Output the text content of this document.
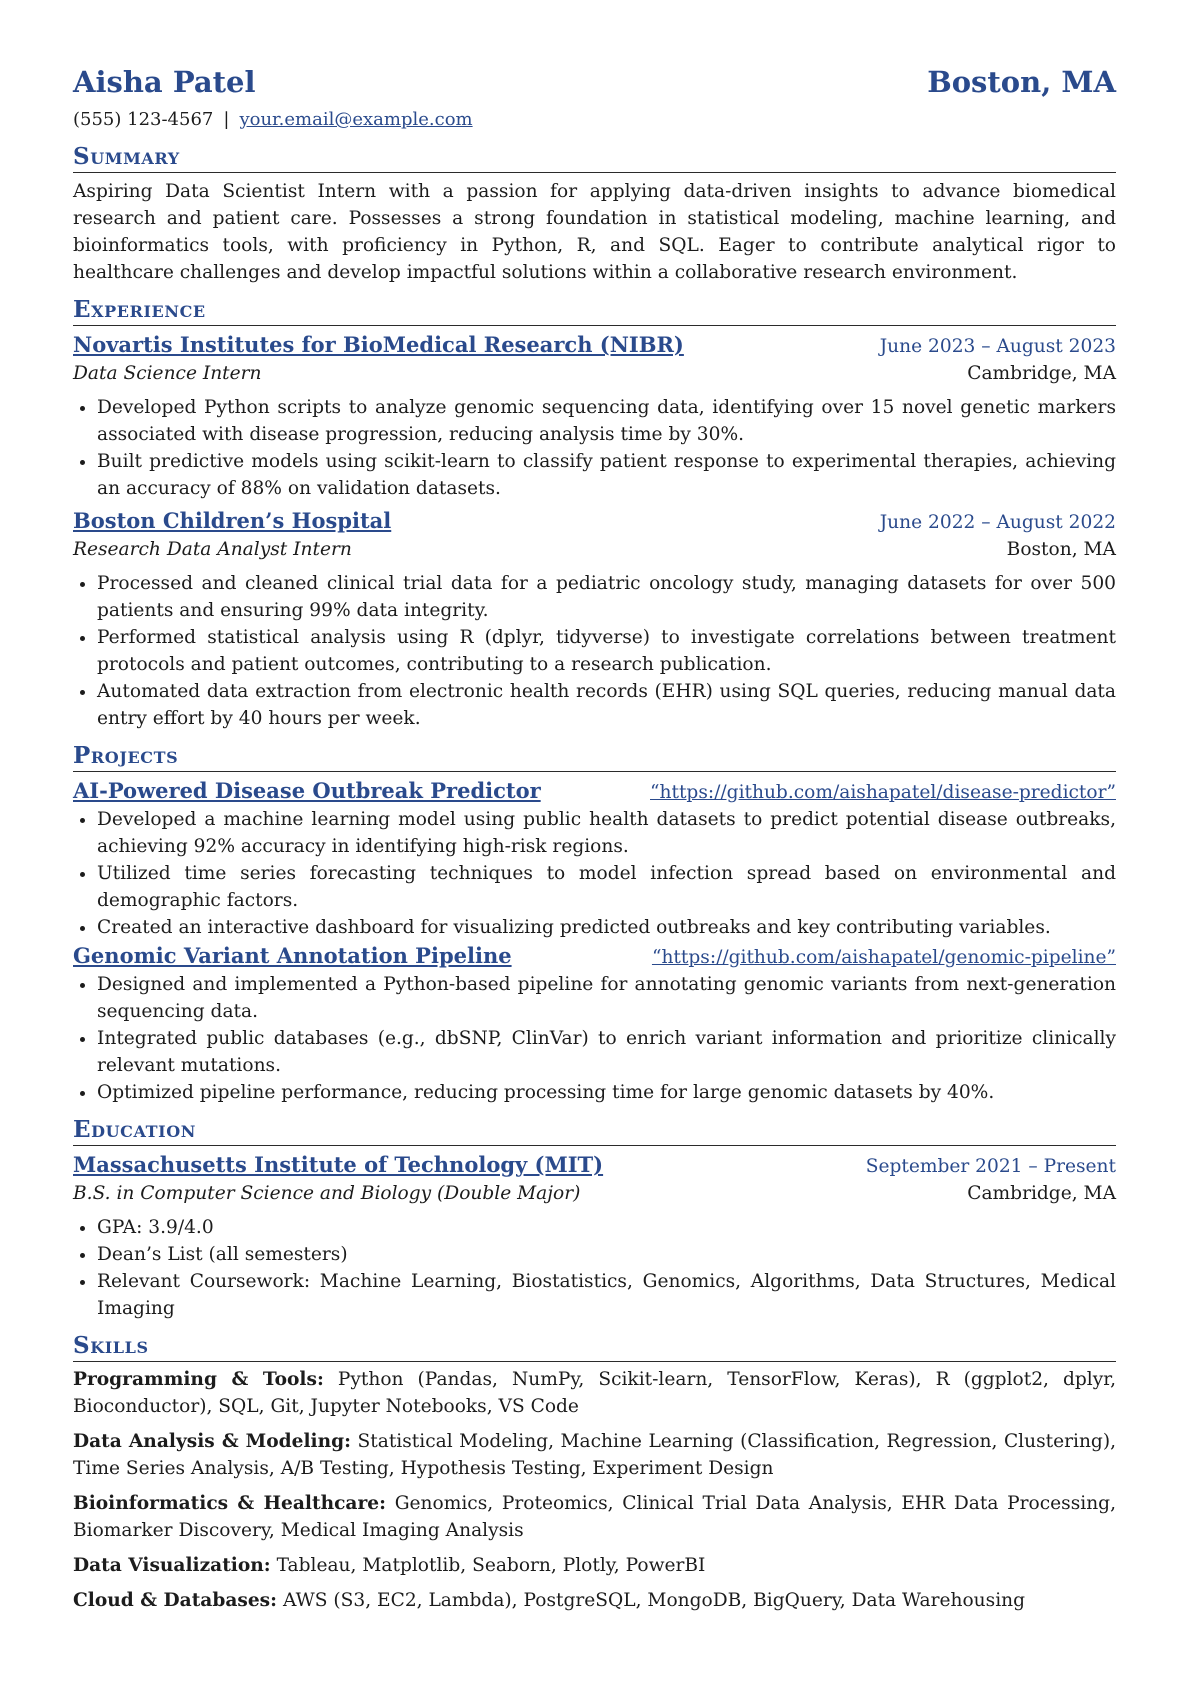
Aisha Patel	Boston, MA
(555) 123-4567 | your.email@example.com
Summary
Aspiring Data Scientist Intern with a passion for applying data-driven insights to advance biomedical research and patient care. Possesses a strong foundation in statistical modeling, machine learning, and bioinformatics tools, with proficiency in Python, R, and SQL. Eager to contribute analytical rigor to healthcare challenges and develop impactful solutions within a collaborative research environment.
Experience
Novartis Institutes for BioMedical Research (NIBR)	June 2023 – August 2023
Data Science Intern	Cambridge, MA
• Developed Python scripts to analyze genomic sequencing data, identifying over 15 novel genetic markers associated with disease progression, reducing analysis time by 30%.
• Built predictive models using scikit-learn to classify patient response to experimental therapies, achieving an accuracy of 88% on validation datasets.
Boston Children’s Hospital	June 2022 – August 2022
Research Data Analyst Intern	Boston, MA
• Processed and cleaned clinical trial data for a pediatric oncology study, managing datasets for over 500 patients and ensuring 99% data integrity.
• Performed statistical analysis using R (dplyr, tidyverse) to investigate correlations between treatment protocols and patient outcomes, contributing to a research publication.
• Automated data extraction from electronic health records (EHR) using SQL queries, reducing manual data entry effort by 40 hours per week.
Projects
AI-Powered Disease Outbreak Predictor	“https://github.com/aishapatel/disease-predictor”
• Developed a machine learning model using public health datasets to predict potential disease outbreaks, achieving 92% accuracy in identifying high-risk regions.
• Utilized time series forecasting techniques to model infection spread based on environmental and demographic factors.
• Created an interactive dashboard for visualizing predicted outbreaks and key contributing variables.
Genomic Variant Annotation Pipeline	“https://github.com/aishapatel/genomic-pipeline”
• Designed and implemented a Python-based pipeline for annotating genomic variants from next-generation sequencing data.
• Integrated public databases (e.g., dbSNP, ClinVar) to enrich variant information and prioritize clinically relevant mutations.
• Optimized pipeline performance, reducing processing time for large genomic datasets by 40%.
Education
Massachusetts Institute of Technology (MIT)	September 2021 – Present
B.S. in Computer Science and Biology (Double Major)	Cambridge, MA
• GPA: 3.9/4.0
• Dean’s List (all semesters)
• Relevant Coursework: Machine Learning, Biostatistics, Genomics, Algorithms, Data Structures, Medical Imaging
Skills
Programming & Tools: Python (Pandas, NumPy, Scikit-learn, TensorFlow, Keras), R (ggplot2, dplyr, Bioconductor), SQL, Git, Jupyter Notebooks, VS Code
Data Analysis & Modeling: Statistical Modeling, Machine Learning (Classification, Regression, Clustering), Time Series Analysis, A/B Testing, Hypothesis Testing, Experiment Design
Bioinformatics & Healthcare: Genomics, Proteomics, Clinical Trial Data Analysis, EHR Data Processing, Biomarker Discovery, Medical Imaging Analysis
Data Visualization: Tableau, Matplotlib, Seaborn, Plotly, PowerBI
Cloud & Databases: AWS (S3, EC2, Lambda), PostgreSQL, MongoDB, BigQuery, Data Warehousing
